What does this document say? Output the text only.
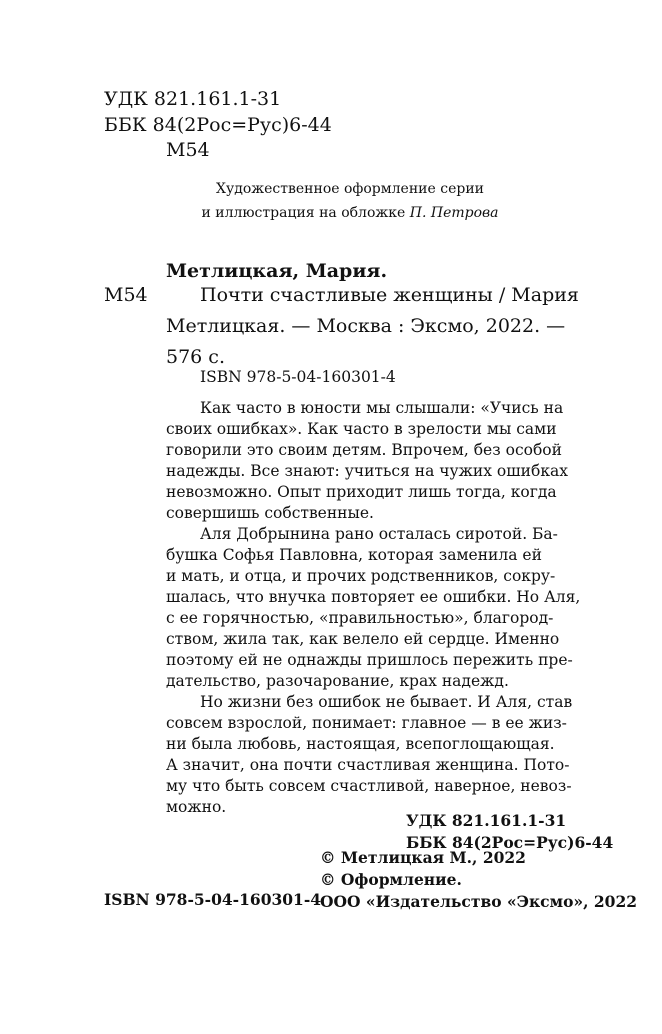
УДК 821.161.1-31
ББК 84(2Рос=Рус)6-44
М54
Художественное оформление серии
и иллюстрация на обложке П. Петрова
Метлицкая, Мария.
М54	Почти счастливые женщины / Мария
Метлицкая. — Москва : Эксмо, 2022. —
576 с.
ISBN 978-5-04-160301-4
Как часто в юности мы слышали: «Учись на
своих ошибках». Как часто в зрелости мы сами
говорили это своим детям. Впрочем, без особой
надежды. Все знают: учиться на чужих ошибках
невозможно. Опыт приходит лишь тогда, когда
совершишь собственные.
Аля Добрынина рано осталась сиротой. Ба-
бушка Софья Павловна, которая заменила ей
и мать, и отца, и прочих родственников, сокру-
шалась, что внучка повторяет ее ошибки. Но Аля,
с ее горячностью, «правильностью», благород-
ством, жила так, как велело ей сердце. Именно
поэтому ей не однажды пришлось пережить пре-
дательство, разочарование, крах надежд.
Но жизни без ошибок не бывает. И Аля, став
совсем взрослой, понимает: главное — в ее жиз-
ни была любовь, настоящая, всепоглощающая.
А значит, она почти счастливая женщина. Пото-
му что быть совсем счастливой, наверное, невоз-
можно.
УДК 821.161.1-31
ББК 84(2Рос=Рус)6-44
© Метлицкая М., 2022
© Оформление.
ООО «Издательство «Эксмо», 2022
ISBN 978-5-04-160301-4
